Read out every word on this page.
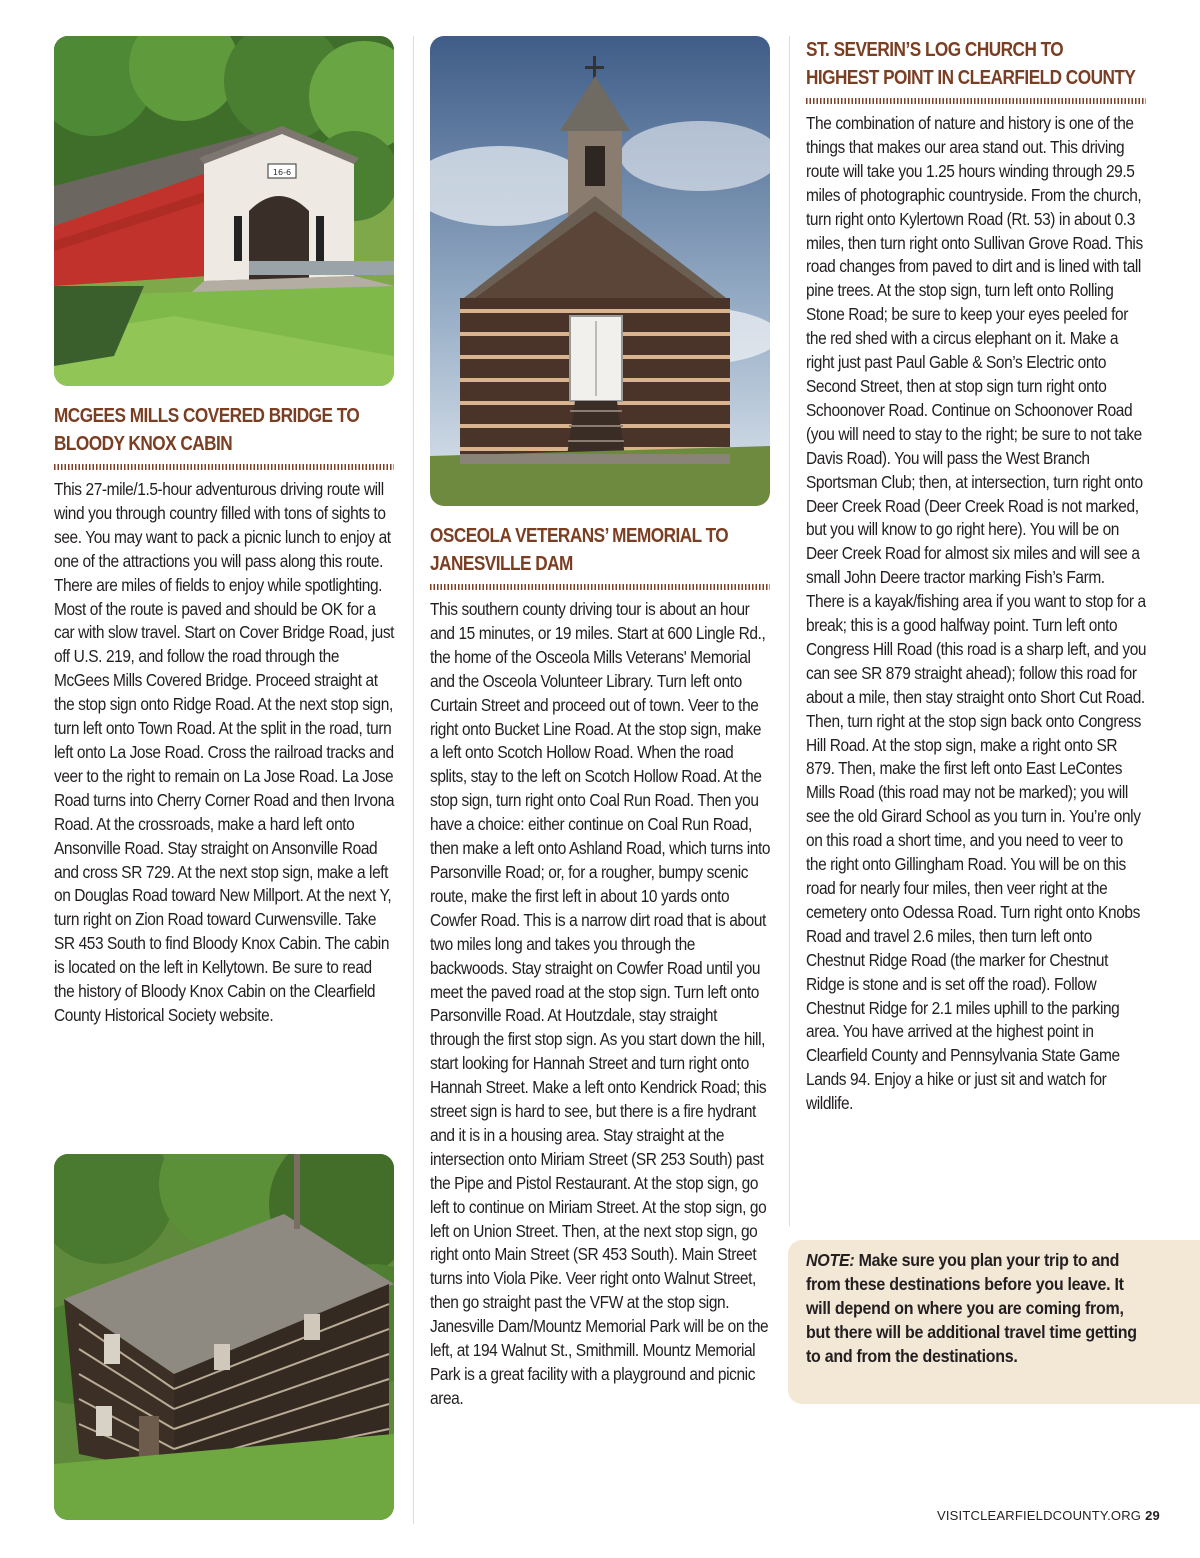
16-6
MCGEES MILLS COVERED BRIDGE TO
BLOODY KNOX CABIN
This 27-mile/1.5-hour adventurous driving route will wind you through country filled with tons of sights to see. You may want to pack a picnic lunch to enjoy at one of the attractions you will pass along this route. There are miles of fields to enjoy while spotlighting. Most of the route is paved and should be OK for a car with slow travel. Start on Cover Bridge Road, just off U.S. 219, and follow the road through the McGees Mills Covered Bridge. Proceed straight at the stop sign onto Ridge Road. At the next stop sign, turn left onto Town Road. At the split in the road, turn left onto La Jose Road. Cross the railroad tracks and veer to the right to remain on La Jose Road. La Jose Road turns into Cherry Corner Road and then Irvona Road. At the crossroads, make a hard left onto Ansonville Road. Stay straight on Ansonville Road and cross SR 729. At the next stop sign, make a left on Douglas Road toward New Millport. At the next Y, turn right on Zion Road toward Curwensville. Take SR 453 South to find Bloody Knox Cabin. The cabin is located on the left in Kellytown. Be sure to read the history of Bloody Knox Cabin on the Clearfield County Historical Society website.
OSCEOLA VETERANS’ MEMORIAL TO
JANESVILLE DAM
This southern county driving tour is about an hour and 15 minutes, or 19 miles. Start at 600 Lingle Rd., the home of the Osceola Mills Veterans' Memorial and the Osceola Volunteer Library. Turn left onto Curtain Street and proceed out of town. Veer to the right onto Bucket Line Road. At the stop sign, make a left onto Scotch Hollow Road. When the road splits, stay to the left on Scotch Hollow Road. At the stop sign, turn right onto Coal Run Road. Then you have a choice: either continue on Coal Run Road, then make a left onto Ashland Road, which turns into Parsonville Road; or, for a rougher, bumpy scenic route, make the first left in about 10 yards onto Cowfer Road. This is a narrow dirt road that is about two miles long and takes you through the backwoods. Stay straight on Cowfer Road until you meet the paved road at the stop sign. Turn left onto Parsonville Road. At Houtzdale, stay straight through the first stop sign. As you start down the hill, start looking for Hannah Street and turn right onto Hannah Street. Make a left onto Kendrick Road; this street sign is hard to see, but there is a fire hydrant and it is in a housing area. Stay straight at the intersection onto Miriam Street (SR 253 South) past the Pipe and Pistol Restaurant. At the stop sign, go left to continue on Miriam Street. At the stop sign, go left on Union Street. Then, at the next stop sign, go right onto Main Street (SR 453 South). Main Street turns into Viola Pike. Veer right onto Walnut Street, then go straight past the VFW at the stop sign. Janesville Dam/Mountz Memorial Park will be on the left, at 194 Walnut St., Smithmill. Mountz Memorial Park is a great facility with a playground and picnic area.
ST. SEVERIN’S LOG CHURCH TO
HIGHEST POINT IN CLEARFIELD COUNTY
The combination of nature and history is one of the things that makes our area stand out. This driving route will take you 1.25 hours winding through 29.5 miles of photographic countryside. From the church, turn right onto Kylertown Road (Rt. 53) in about 0.3 miles, then turn right onto Sullivan Grove Road. This road changes from paved to dirt and is lined with tall pine trees. At the stop sign, turn left onto Rolling Stone Road; be sure to keep your eyes peeled for the red shed with a circus elephant on it. Make a right just past Paul Gable & Son’s Electric onto Second Street, then at stop sign turn right onto Schoonover Road. Continue on Schoonover Road (you will need to stay to the right; be sure to not take Davis Road). You will pass the West Branch Sportsman Club; then, at intersection, turn right onto Deer Creek Road (Deer Creek Road is not marked, but you will know to go right here). You will be on Deer Creek Road for almost six miles and will see a small John Deere tractor marking Fish’s Farm. There is a kayak/fishing area if you want to stop for a break; this is a good halfway point. Turn left onto Congress Hill Road (this road is a sharp left, and you can see SR 879 straight ahead); follow this road for about a mile, then stay straight onto Short Cut Road. Then, turn right at the stop sign back onto Congress Hill Road. At the stop sign, make a right onto SR 879. Then, make the first left onto East LeContes Mills Road (this road may not be marked); you will see the old Girard School as you turn in. You’re only on this road a short time, and you need to veer to the right onto Gillingham Road. You will be on this road for nearly four miles, then veer right at the cemetery onto Odessa Road. Turn right onto Knobs Road and travel 2.6 miles, then turn left onto Chestnut Ridge Road (the marker for Chestnut Ridge is stone and is set off the road). Follow Chestnut Ridge for 2.1 miles uphill to the parking area. You have arrived at the highest point in Clearfield County and Pennsylvania State Game Lands 94. Enjoy a hike or just sit and watch for wildlife.
NOTE: Make sure you plan your trip to and from these destinations before you leave. It will depend on where you are coming from, but there will be additional travel time getting to and from the destinations.
VISITCLEARFIELDCOUNTY.ORG 29
